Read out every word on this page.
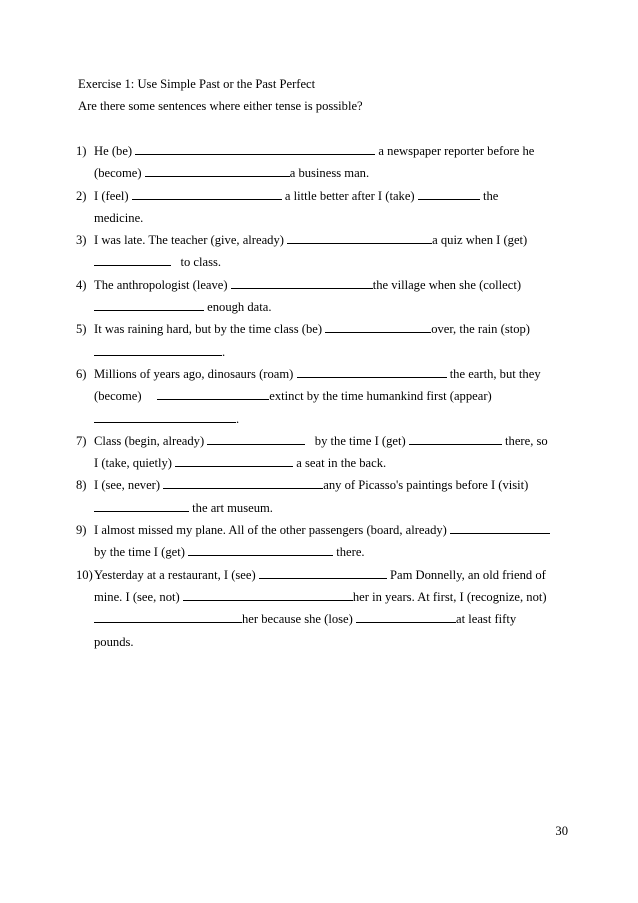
Exercise 1: Use Simple Past or the Past Perfect
Are there some sentences where either tense is possible?
1) He (be)	a newspaper reporter before he
(become)	a business man.
2) I (feel)	a little better after I (take)	the
medicine.
3) I was late. The teacher (give, already)	a quiz when I (get)
to class.
4) The anthropologist (leave)	the village when she (collect)
enough data.
5) It was raining hard, but by the time class (be)	over, the rain (stop)
.
6) Millions of years ago, dinosaurs (roam)	the earth, but they
(become)	extinct by the time humankind first (appear)
.
7) Class (begin, already)	by the time I (get)	there, so
I (take, quietly)	a seat in the back.
8) I (see, never)	any of Picasso's paintings before I (visit)
the art museum.
9) I almost missed my plane. All of the other passengers (board, already)
by the time I (get)	there.
10) Yesterday at a restaurant, I (see)	Pam Donnelly, an old friend of
mine. I (see, not)	her in years. At first, I (recognize, not)
her because she (lose)	at least fifty
pounds.
30
